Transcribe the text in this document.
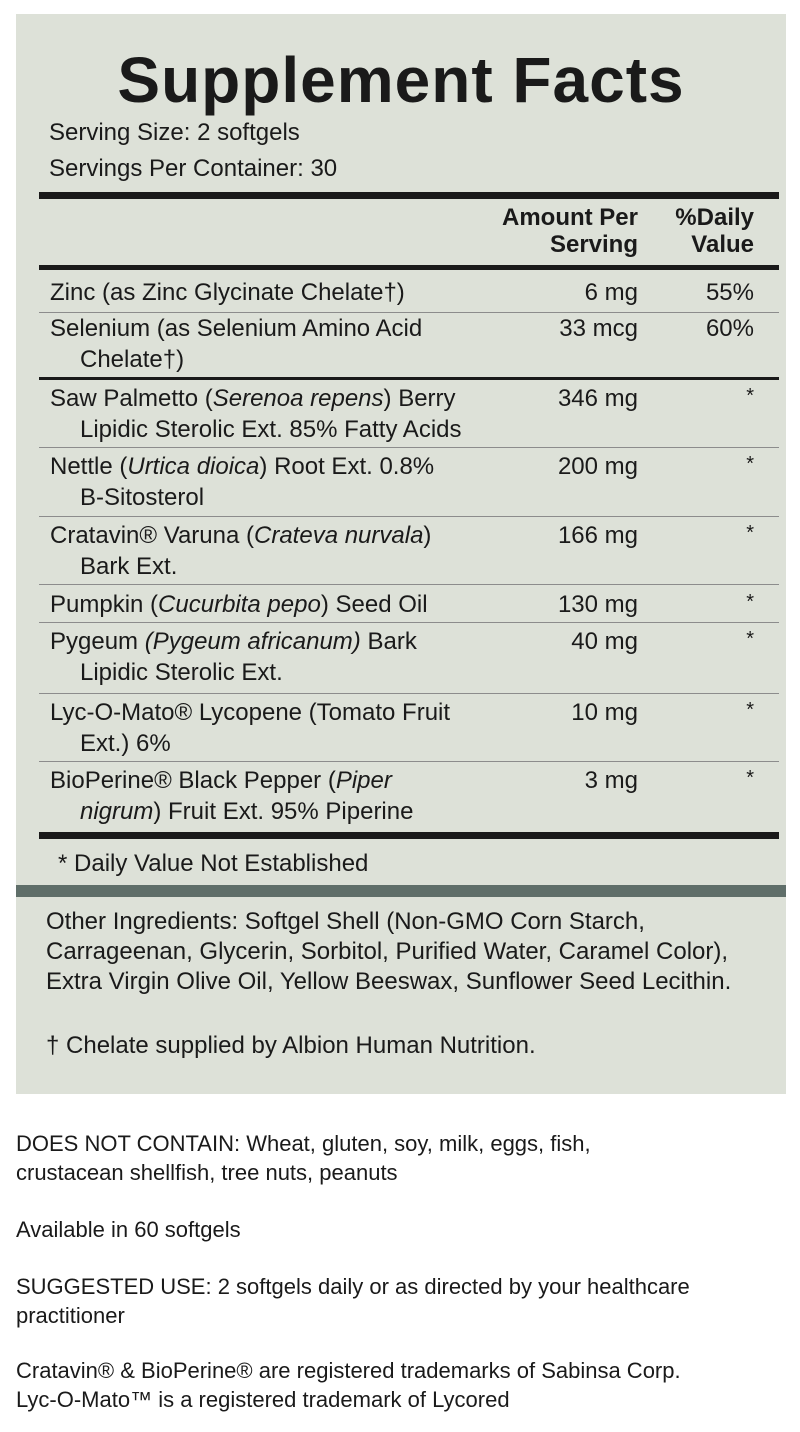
Supplement Facts

Serving Size: 2 softgels

Servings Per Container: 30

Amount Per
Serving
%Daily
Value
Zinc (as Zinc Glycinate Chelate†)	6 mg	55%
Selenium (as Selenium Amino Acid
Chelate†)
33 mcg	60%
Saw Palmetto (Serenoa repens) Berry
Lipidic Sterolic Ext. 85% Fatty Acids
346 mg	*
Nettle (Urtica dioica) Root Ext. 0.8%
B-Sitosterol
200 mg	*
Cratavin® Varuna (Crateva nurvala)
Bark Ext.
166 mg	*
Pumpkin (Cucurbita pepo) Seed Oil	130 mg	*
Pygeum (Pygeum africanum) Bark
Lipidic Sterolic Ext.
40 mg	*
Lyc-O-Mato® Lycopene (Tomato Fruit
Ext.) 6%
10 mg	*
BioPerine® Black Pepper (Piper
nigrum) Fruit Ext. 95% Piperine
3 mg	*
* Daily Value Not Established

Other Ingredients: Softgel Shell (Non-GMO Corn Starch, Carrageenan, Glycerin, Sorbitol, Purified Water, Caramel Color), Extra Virgin Olive Oil, Yellow Beeswax, Sunflower Seed Lecithin.

† Chelate supplied by Albion Human Nutrition.

DOES NOT CONTAIN: Wheat, gluten, soy, milk, eggs, fish,
crustacean shellfish, tree nuts, peanuts

Available in 60 softgels

SUGGESTED USE: 2 softgels daily or as directed by your healthcare
practitioner

Cratavin® & BioPerine® are registered trademarks of Sabinsa Corp.
Lyc-O-Mato™ is a registered trademark of Lycored
